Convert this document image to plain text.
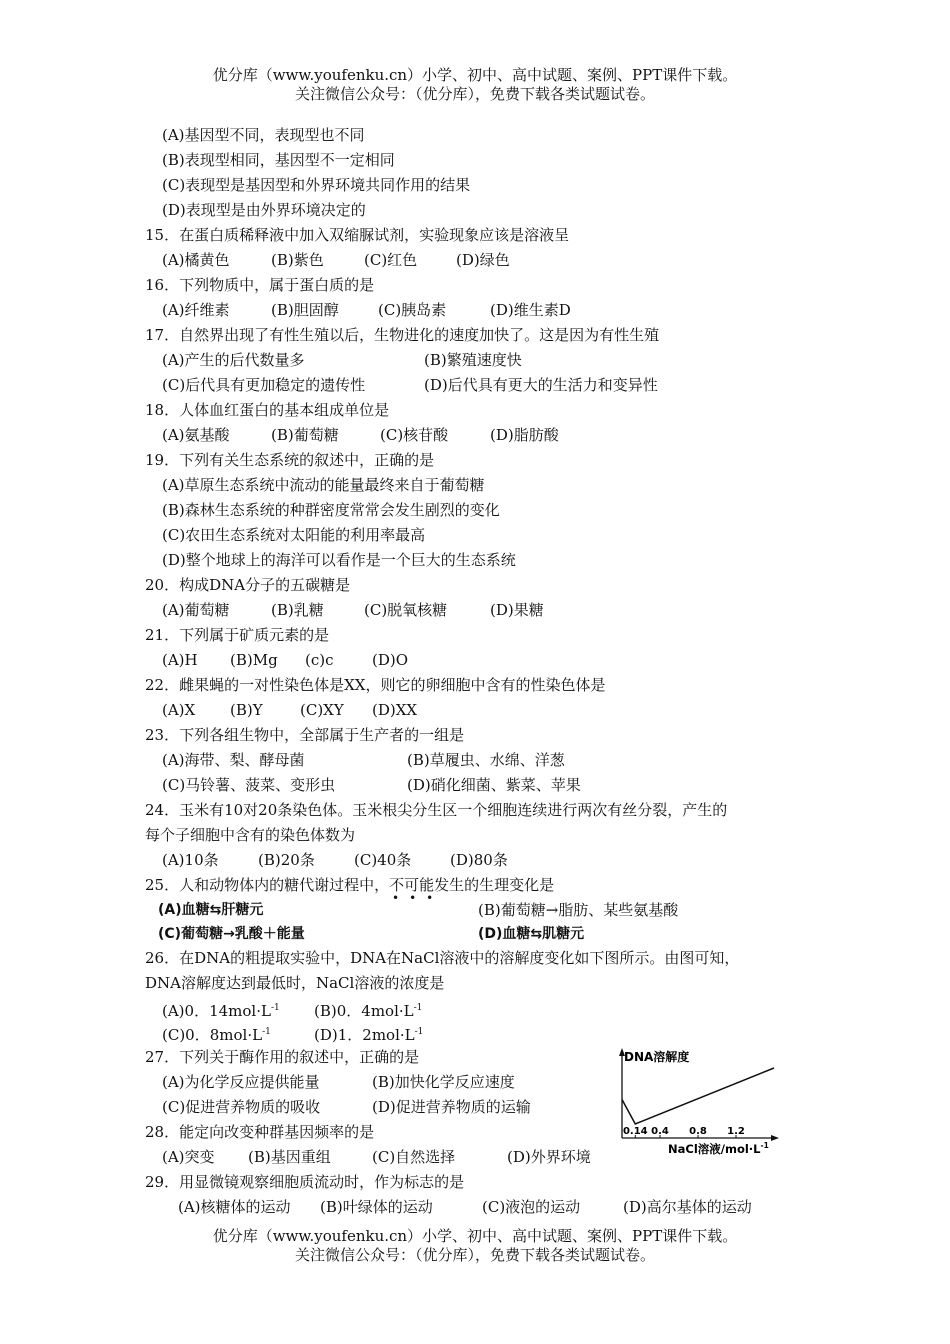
优分库（www.youfenku.cn）小学、初中、高中试题、案例、PPT课件下载。
关注微信公众号：（优分库），免费下载各类试题试卷。
(A)基因型不同，表现型也不同
(B)表现型相同，基因型不一定相同
(C)表现型是基因型和外界环境共同作用的结果
(D)表现型是由外界环境决定的
15．在蛋白质稀释液中加入双缩脲试剂，实验现象应该是溶液呈
(A)橘黄色	(B)紫色	(C)红色	(D)绿色
16．下列物质中，属于蛋白质的是
(A)纤维素	(B)胆固醇	(C)胰岛素	(D)维生素D
17．自然界出现了有性生殖以后，生物进化的速度加快了。这是因为有性生殖
(A)产生的后代数量多	(B)繁殖速度快
(C)后代具有更加稳定的遗传性	(D)后代具有更大的生活力和变异性
18．人体血红蛋白的基本组成单位是
(A)氨基酸	(B)葡萄糖	(C)核苷酸	(D)脂肪酸
19．下列有关生态系统的叙述中，正确的是
(A)草原生态系统中流动的能量最终来自于葡萄糖
(B)森林生态系统的种群密度常常会发生剧烈的变化
(C)农田生态系统对太阳能的利用率最高
(D)整个地球上的海洋可以看作是一个巨大的生态系统
20．构成DNA分子的五碳糖是
(A)葡萄糖	(B)乳糖	(C)脱氧核糖	(D)果糖
21．下列属于矿质元素的是
(A)H (B)Mg (c)c	(D)O
22．雌果蝇的一对性染色体是XX，则它的卵细胞中含有的性染色体是
(A)X (B)Y (C)XY (D)XX
23．下列各组生物中，全部属于生产者的一组是
(A)海带、梨、酵母菌	(B)草履虫、水绵、洋葱
(C)马铃薯、菠菜、变形虫	(D)硝化细菌、紫菜、苹果
24．玉米有10对20条染色体。玉米根尖分生区一个细胞连续进行两次有丝分裂，产生的
每个子细胞中含有的染色体数为
(A)10条	(B)20条	(C)40条	(D)80条
25．人和动物体内的糖代谢过程中，不可能发生的生理变化是
•••
(A)血糖⇆肝糖元	(B)葡萄糖→脂肪、某些氨基酸
(C)葡萄糖→乳酸＋能量	(D)血糖⇆肌糖元
26．在DNA的粗提取实验中，DNA在NaCl溶液中的溶解度变化如下图所示。由图可知，
DNA溶解度达到最低时，NaCl溶液的浓度是
(A)0．$14mol\cdot L^{-1}$ (B)0．$4mol\cdot L^{-1}$
(C)0．$8mol\cdot L^{-1}$	(D)1．$2mol\cdot L^{-1}$
27．下列关于酶作用的叙述中，正确的是
(A)为化学反应提供能量	(B)加快化学反应速度
(C)促进营养物质的吸收	(D)促进营养物质的运输
28．能定向改变种群基因频率的是
(A)突变 (B)基因重组	(C)自然选择	(D)外界环境
29．用显微镜观察细胞质流动时，作为标志的是
(A)核糖体的运动 (B)叶绿体的运动	(C)液泡的运动	(D)高尔基体的运动
DNA溶解度
0.14 0.4 0.8 1.2
NaCl溶液$/mol\cdot L^{-1}$
优分库（www.youfenku.cn）小学、初中、高中试题、案例、PPT课件下载。
关注微信公众号：（优分库），免费下载各类试题试卷。
